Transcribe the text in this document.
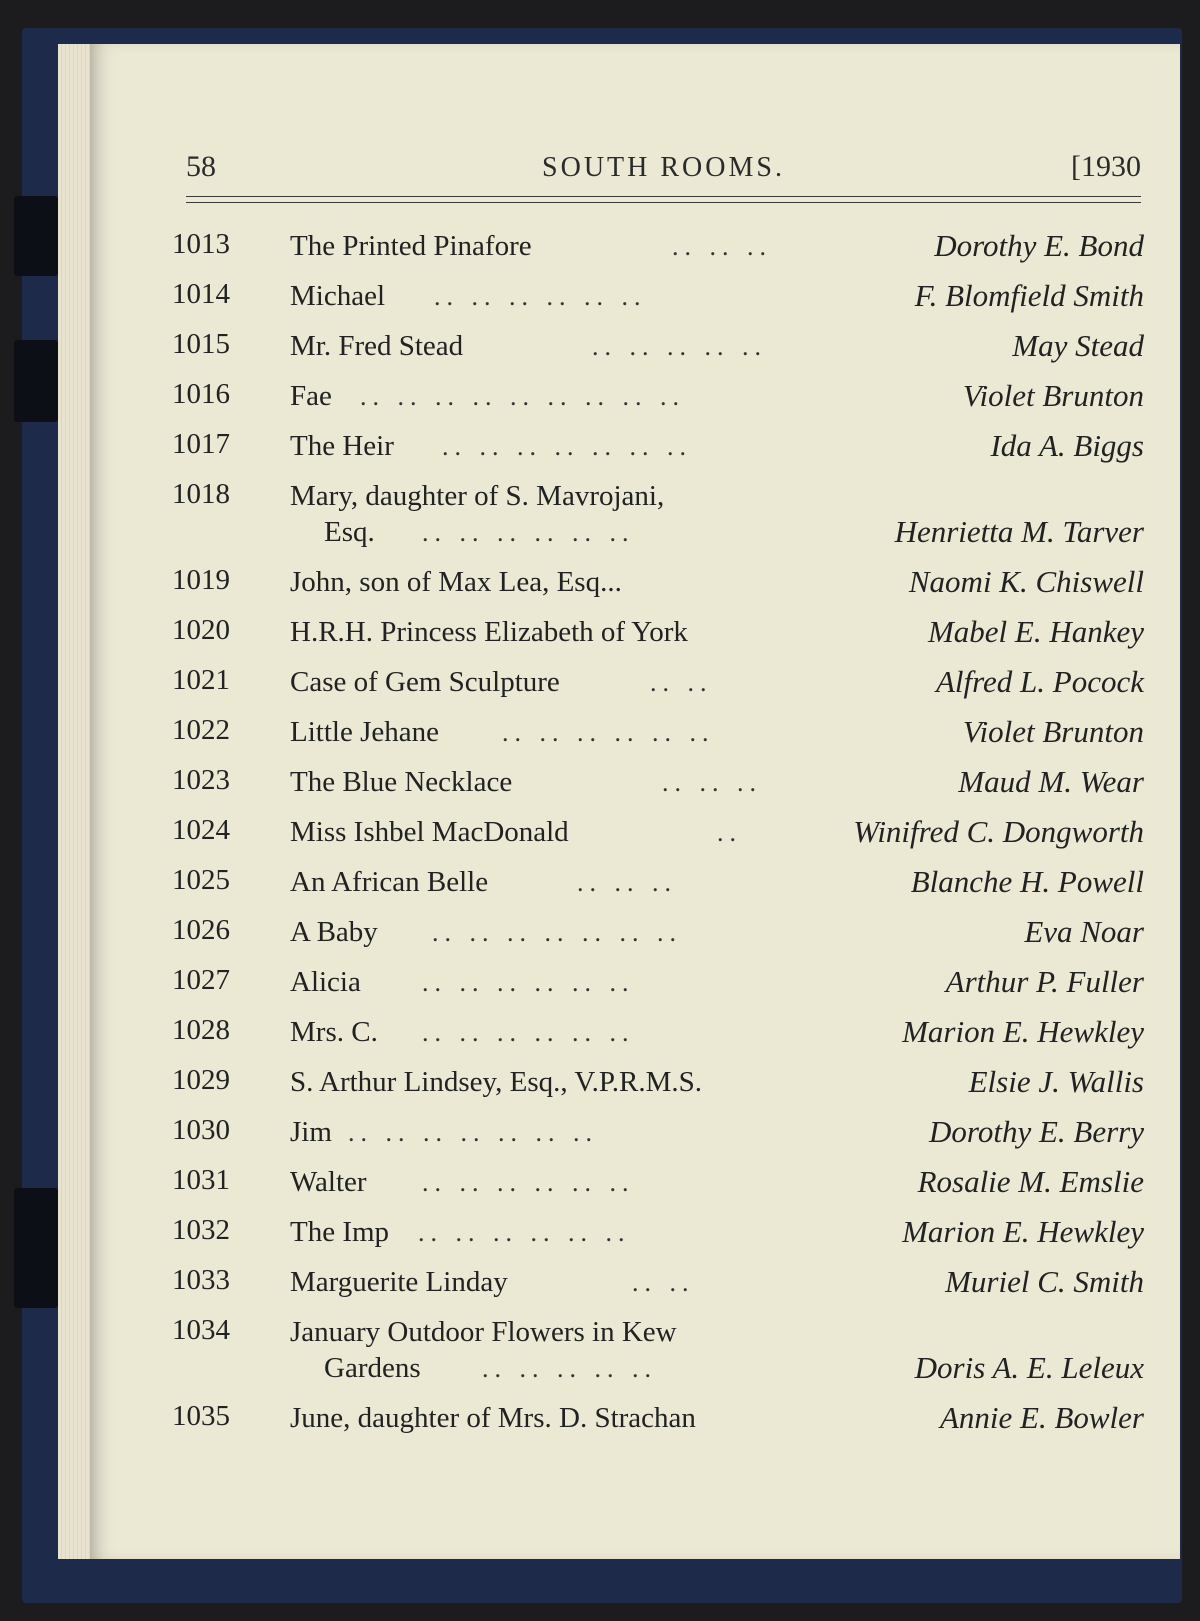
58	SOUTH ROOMS.	[1930
1013	The Printed Pinafore	.. .. ..	Dorothy E. Bond
1014	Michael	.. .. .. .. .. ..	F. Blomfield Smith
1015	Mr. Fred Stead	.. .. .. .. ..	May Stead
1016	Fae	.. .. .. .. .. .. .. .. ..	Violet Brunton
1017	The Heir	.. .. .. .. .. .. ..	Ida A. Biggs
1018	Mary, daughter of S. Mavrojani,
Esq. .. .. .. .. .. ..	Henrietta M. Tarver
1019	John, son of Max Lea, Esq...	Naomi K. Chiswell
1020	H.R.H. Princess Elizabeth of York	Mabel E. Hankey
1021	Case of Gem Sculpture	.. ..	Alfred L. Pocock
1022	Little Jehane	.. .. .. .. .. ..	Violet Brunton
1023	The Blue Necklace	.. .. ..	Maud M. Wear
1024	Miss Ishbel MacDonald	..	Winifred C. Dongworth
1025	An African Belle	.. .. ..	Blanche H. Powell
1026	A Baby	.. .. .. .. .. .. ..	Eva Noar
1027	Alicia	.. .. .. .. .. ..	Arthur P. Fuller
1028	Mrs. C.	.. .. .. .. .. ..	Marion E. Hewkley
1029	S. Arthur Lindsey, Esq., V.P.R.M.S.	Elsie J. Wallis
1030	Jim .. .. .. .. .. .. ..	Dorothy E. Berry
1031	Walter	.. .. .. .. .. ..	Rosalie M. Emslie
1032	The Imp	.. .. .. .. .. ..	Marion E. Hewkley
1033	Marguerite Linday	.. ..	Muriel C. Smith
1034	January Outdoor Flowers in Kew
Gardens .. .. .. .. ..	Doris A. E. Leleux
1035	June, daughter of Mrs. D. Strachan	Annie E. Bowler
